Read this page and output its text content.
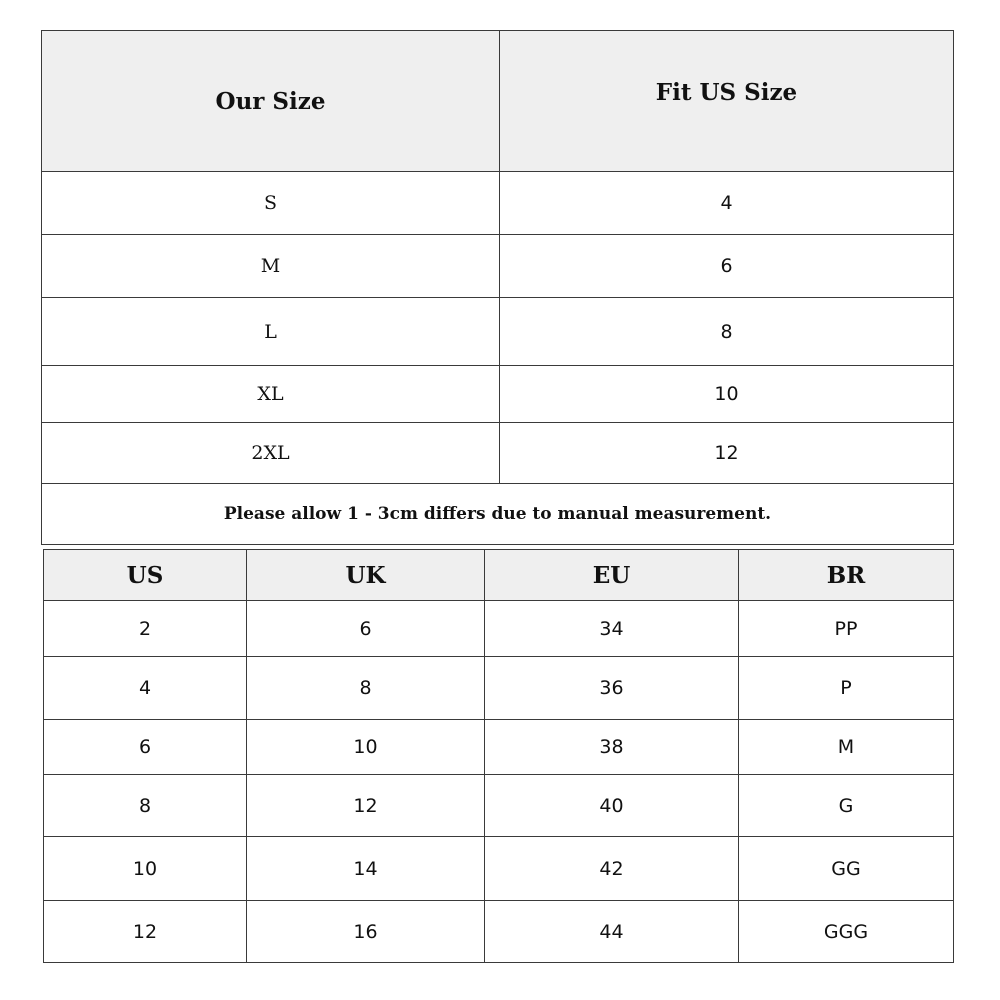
Our Size	Fit US Size
S	4
M	6
L	8
XL	10
2XL	12
Please allow 1 - 3cm differs due to manual measurement.	
US	UK	EU	BR
2	6	34	PP
4	8	36	P
6	10	38	M
8	12	40	G
10	14	42	GG
12	16	44	GGG
